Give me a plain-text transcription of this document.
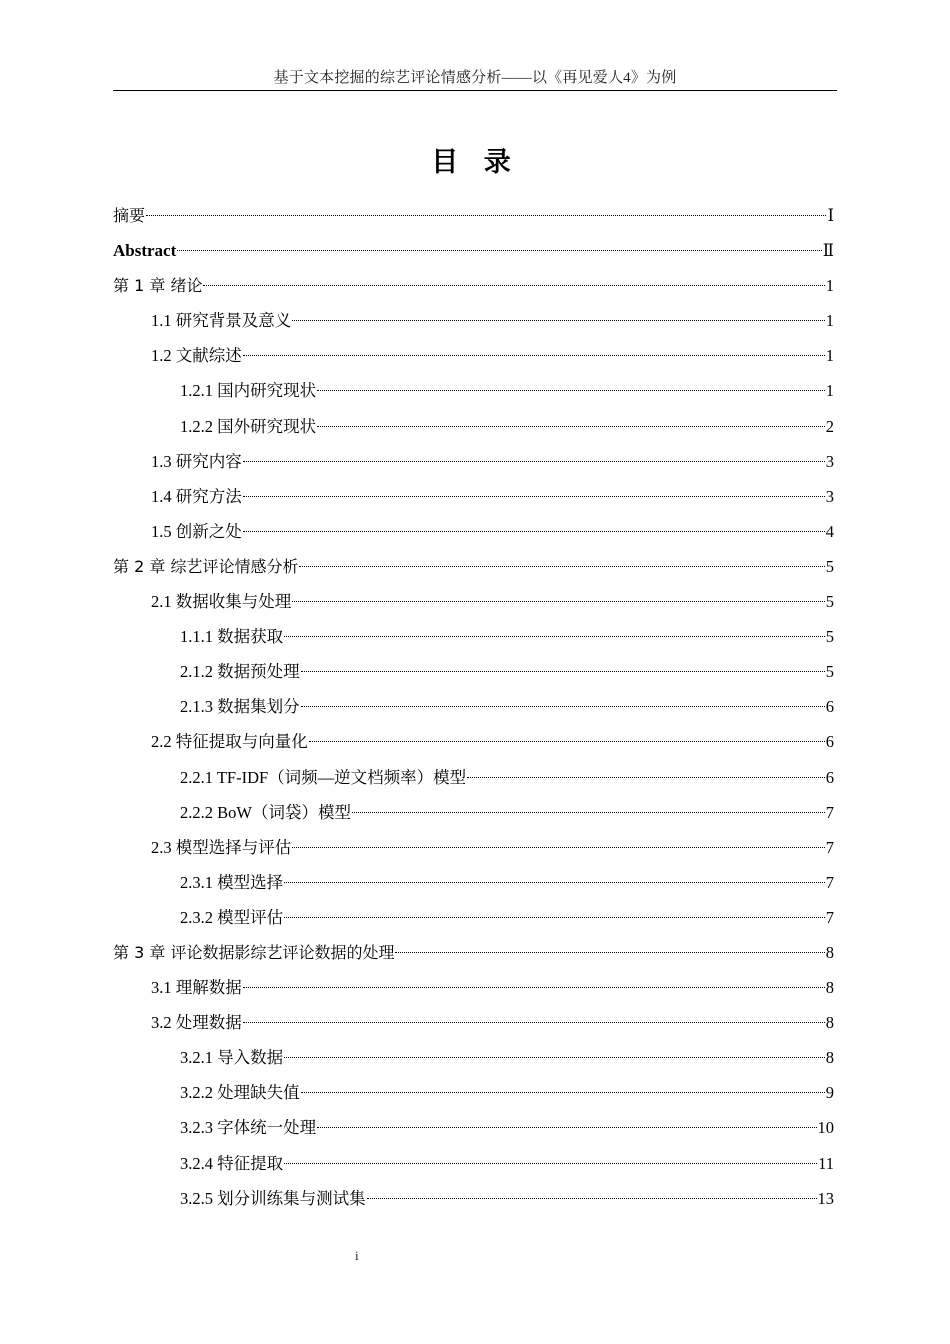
基于文本挖掘的综艺评论情感分析——以《再见爱人4》为例
目 录
摘要	Ⅰ
Abstract	Ⅱ
第 1 章 绪论	1
1.1 研究背景及意义	1
1.2 文献综述	1
1.2.1 国内研究现状	1
1.2.2 国外研究现状	2
1.3 研究内容	3
1.4 研究方法	3
1.5 创新之处	4
第 2 章 综艺评论情感分析	5
2.1 数据收集与处理	5
1.1.1 数据获取	5
2.1.2 数据预处理	5
2.1.3 数据集划分	6
2.2 特征提取与向量化	6
2.2.1 TF-IDF（词频—逆文档频率）模型	6
2.2.2 BoW（词袋）模型	7
2.3 模型选择与评估	7
2.3.1 模型选择	7
2.3.2 模型评估	7
第 3 章 评论数据影综艺评论数据的处理	8
3.1 理解数据	8
3.2 处理数据	8
3.2.1 导入数据	8
3.2.2 处理缺失值	9
3.2.3 字体统一处理	10
3.2.4 特征提取	11
3.2.5 划分训练集与测试集	13
i
